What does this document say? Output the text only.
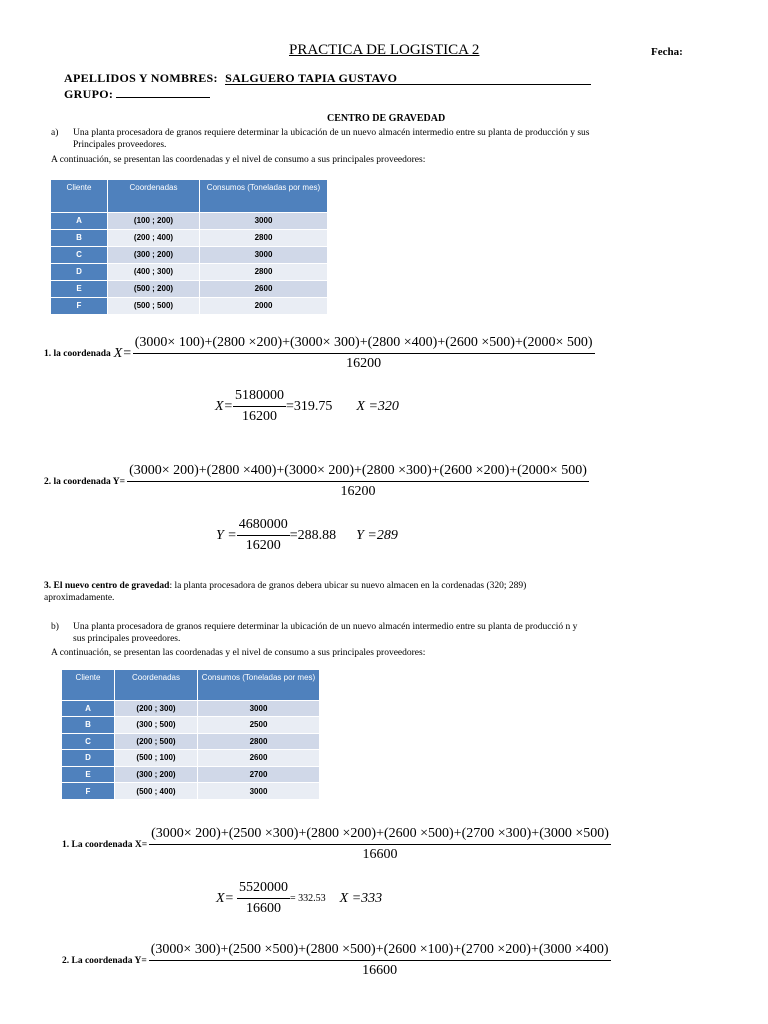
PRACTICA DE LOGISTICA 2	Fecha:
APELLIDOS Y NOMBRES: SALGUERO TAPIA GUSTAVO
GRUPO:
CENTRO DE GRAVEDAD
a) Una planta procesadora de granos requiere determinar la ubicación de un nuevo almacén intermedio entre su planta de producción y sus
Principales proveedores.
A continuación, se presentan las coordenadas y el nivel de consumo a sus principales proveedores:
Cliente	Coordenadas	Consumos (Toneladas por mes)
A	(100 ; 200)	3000
B	(200 ; 400)	2800
C	(300 ; 200)	3000
D	(400 ; 300)	2800
E	(500 ; 200)	2600
F	(500 ; 500)	2000
1. la coordenada X=
(3000× 100)+(2800 ×200)+(3000× 300)+(2800 ×400)+(2600 ×500)+(2000× 500)
16200
$X= \frac{5180000}{16200} =319.75$ X =320
2. la coordenada Y=
(3000× 200)+(2800 ×400)+(3000× 200)+(2800 ×300)+(2600 ×200)+(2000× 500)
16200
$Y = \frac{4680000}{16200} =288.88$ Y =289
3. El nuevo centro de gravedad: la planta procesadora de granos debera ubicar su nuevo almacen en la cordenadas (320; 289)
aproximadamente.
b) Una planta procesadora de granos requiere determinar la ubicación de un nuevo almacén intermedio entre su planta de producció n y
sus principales proveedores.
A continuación, se presentan las coordenadas y el nivel de consumo a sus principales proveedores:
Cliente	Coordenadas	Consumos (Toneladas por mes)
A	(200 ; 300)	3000
B	(300 ; 500)	2500
C	(200 ; 500)	2800
D	(500 ; 100)	2600
E	(300 ; 200)	2700
F	(500 ; 400)	3000
1. La coordenada X=
(3000× 200)+(2500 ×300)+(2800 ×200)+(2600 ×500)+(2700 ×300)+(3000 ×500)
16600
$X= \frac{5520000}{16600} = 332.53$ X =333
2. La coordenada Y=
(3000× 300)+(2500 ×500)+(2800 ×500)+(2600 ×100)+(2700 ×200)+(3000 ×400)
16600
